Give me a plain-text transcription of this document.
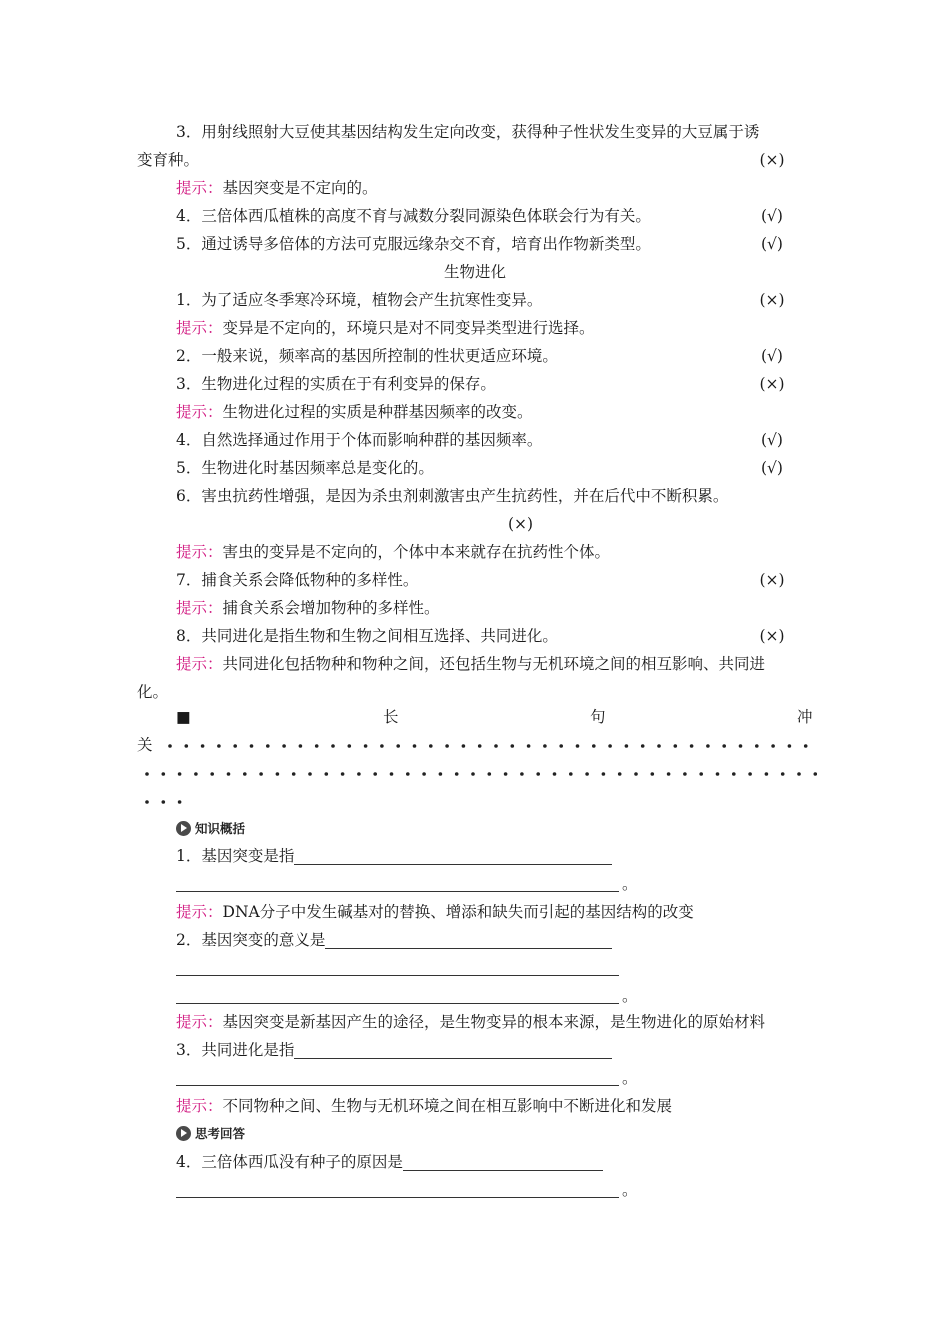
3．用射线照射大豆使其基因结构发生定向改变，获得种子性状发生变异的大豆属于诱
变育种。	(×)
提示：基因突变是不定向的。
4．三倍体西瓜植株的高度不育与减数分裂同源染色体联会行为有关。	(√)
5．通过诱导多倍体的方法可克服远缘杂交不育，培育出作物新类型。	(√)
生物进化
1．为了适应冬季寒冷环境，植物会产生抗寒性变异。	(×)
提示：变异是不定向的，环境只是对不同变异类型进行选择。
2．一般来说，频率高的基因所控制的性状更适应环境。	(√)
3．生物进化过程的实质在于有利变异的保存。	(×)
提示：生物进化过程的实质是种群基因频率的改变。
4．自然选择通过作用于个体而影响种群的基因频率。	(√)
5．生物进化时基因频率总是变化的。	(√)
6．害虫抗药性增强，是因为杀虫剂刺激害虫产生抗药性，并在后代中不断积累。
(×)
提示：害虫的变异是不定向的，个体中本来就存在抗药性个体。
7．捕食关系会降低物种的多样性。	(×)
提示：捕食关系会增加物种的多样性。
8．共同进化是指生物和生物之间相互选择、共同进化。	(×)
提示：共同进化包括物种和物种之间，还包括生物与无机环境之间的相互影响、共同进
化。
■	长	句	冲
关
知识概括
1．基因突变是指
。
提示：DNA分子中发生碱基对的替换、增添和缺失而引起的基因结构的改变
2．基因突变的意义是
。
提示：基因突变是新基因产生的途径，是生物变异的根本来源，是生物进化的原始材料
3．共同进化是指
。
提示：不同物种之间、生物与无机环境之间在相互影响中不断进化和发展
思考回答
4．三倍体西瓜没有种子的原因是
。
